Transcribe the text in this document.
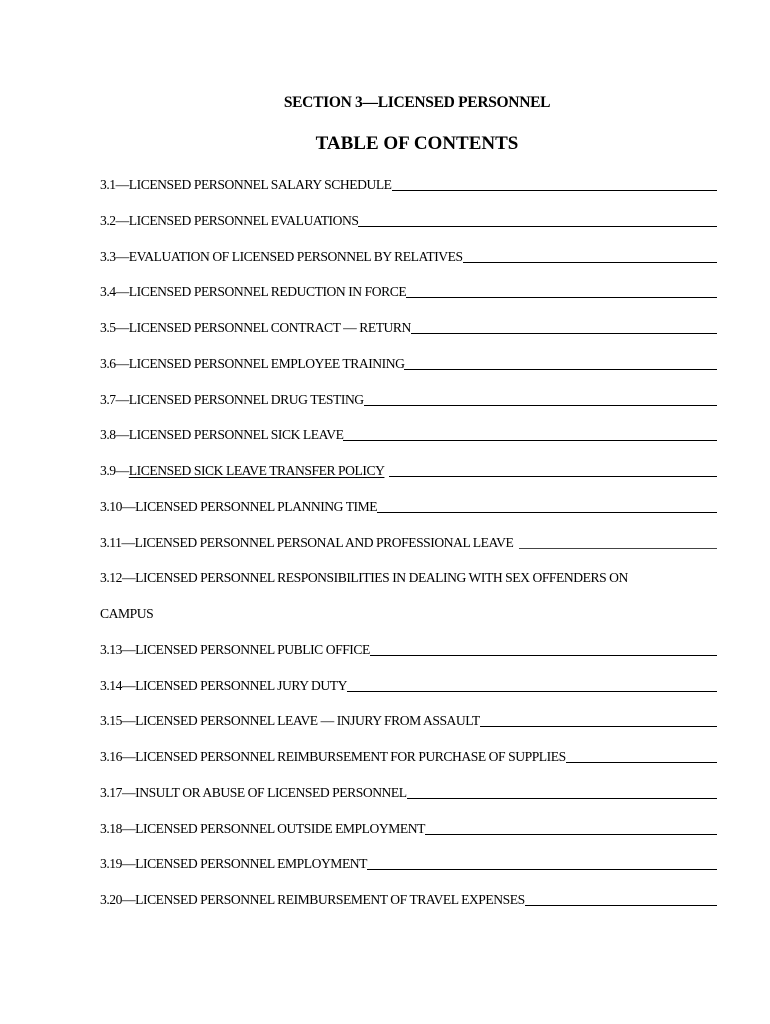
SECTION 3—LICENSED PERSONNEL
TABLE OF CONTENTS
3.1—LICENSED PERSONNEL SALARY SCHEDULE
3.2—LICENSED PERSONNEL EVALUATIONS
3.3—EVALUATION OF LICENSED PERSONNEL BY RELATIVES
3.4—LICENSED PERSONNEL REDUCTION IN FORCE
3.5—LICENSED PERSONNEL CONTRACT — RETURN
3.6—LICENSED PERSONNEL EMPLOYEE TRAINING
3.7—LICENSED PERSONNEL DRUG TESTING
3.8—LICENSED PERSONNEL SICK LEAVE
3.9— LICENSED SICK LEAVE TRANSFER POLICY
3.10—LICENSED PERSONNEL PLANNING TIME
3.11—LICENSED PERSONNEL PERSONAL AND PROFESSIONAL LEAVE
3.12—LICENSED PERSONNEL RESPONSIBILITIES IN DEALING WITH SEX OFFENDERS ON
CAMPUS
3.13—LICENSED PERSONNEL PUBLIC OFFICE
3.14—LICENSED PERSONNEL JURY DUTY
3.15—LICENSED PERSONNEL LEAVE — INJURY FROM ASSAULT
3.16—LICENSED PERSONNEL REIMBURSEMENT FOR PURCHASE OF SUPPLIES
3.17—INSULT OR ABUSE OF LICENSED PERSONNEL
3.18—LICENSED PERSONNEL OUTSIDE EMPLOYMENT
3.19—LICENSED PERSONNEL EMPLOYMENT
3.20—LICENSED PERSONNEL REIMBURSEMENT OF TRAVEL EXPENSES
